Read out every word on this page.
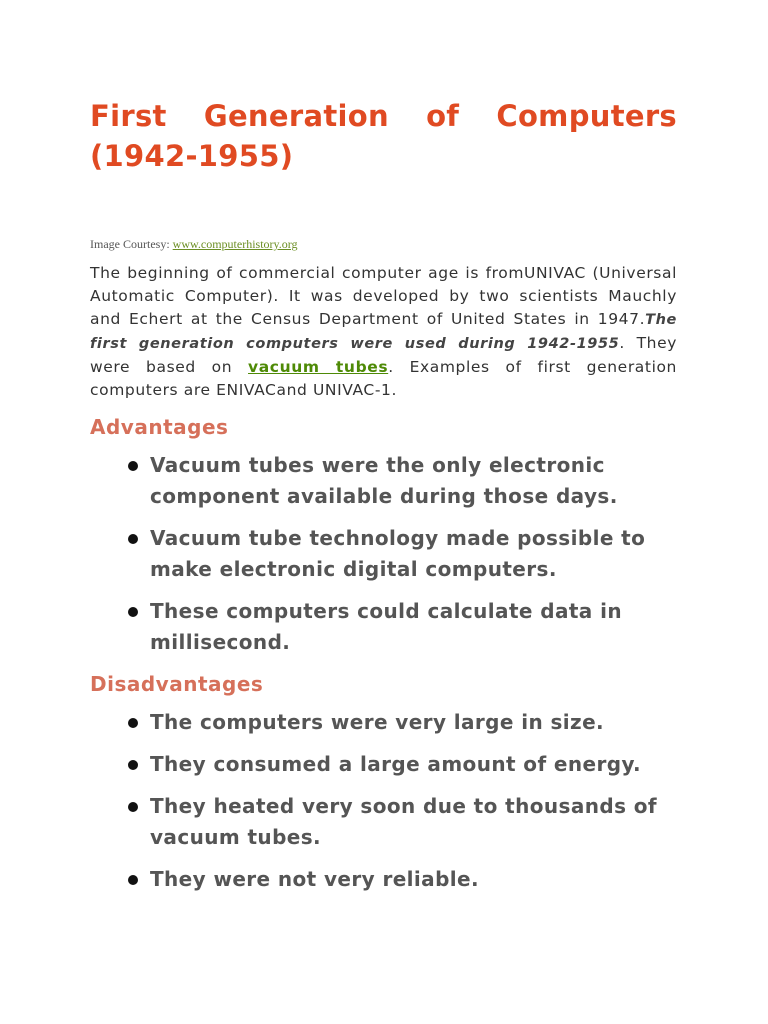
First Generation of Computers
(1942-1955)

Image Courtesy: www.computerhistory.org

The beginning of commercial computer age is fromUNIVAC (Universal Automatic Computer). It was developed by two scientists Mauchly and Echert at the Census Department of United States in 1947.The first generation computers were used during 1942-1955. They were based on vacuum tubes. Examples of first generation computers are ENIVACand UNIVAC-1.

Advantages
Vacuum tubes were the only electronic component available during those days.
Vacuum tube technology made possible to make electronic digital computers.
These computers could calculate data in millisecond.
Disadvantages
The computers were very large in size.
They consumed a large amount of energy.
They heated very soon due to thousands of vacuum tubes.
They were not very reliable.
